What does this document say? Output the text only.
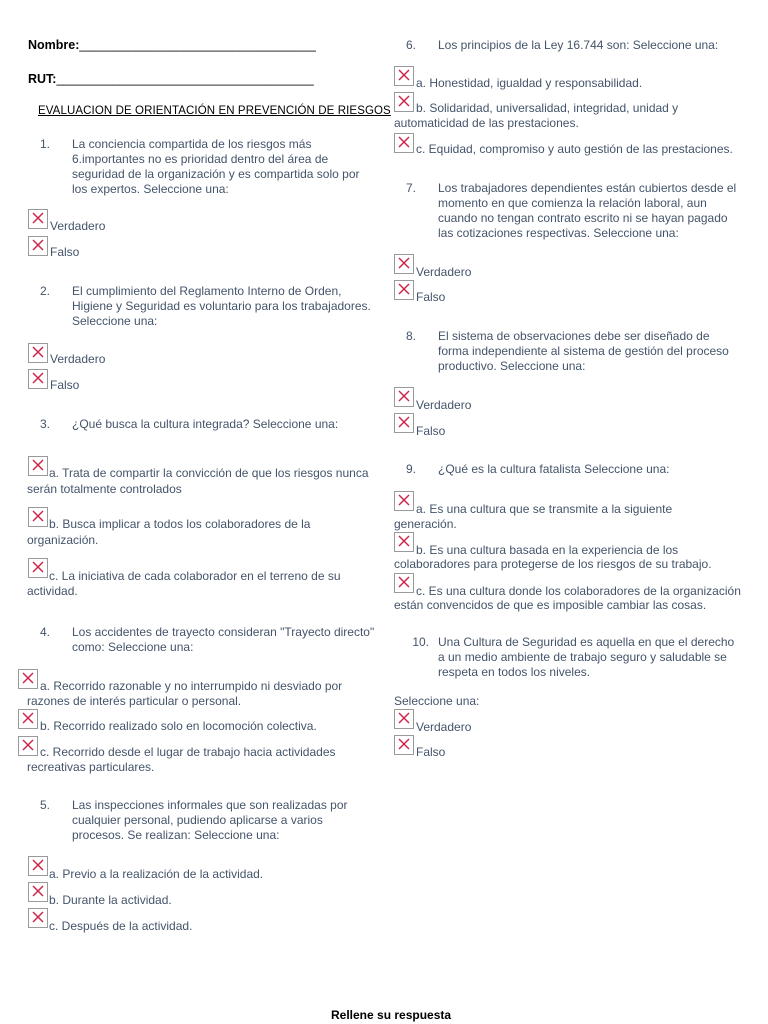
Nombre:__________________________________
RUT:_____________________________________
EVALUACION DE ORIENTACIÓN EN PREVENCIÓN DE RIESGOS
1. La conciencia compartida de los riesgos más
6.importantes no es prioridad dentro del área de
seguridad de la organización y es compartida solo por
los expertos. Seleccione una:
Verdadero
Falso
2. El cumplimiento del Reglamento Interno de Orden,
Higiene y Seguridad es voluntario para los trabajadores.
Seleccione una:
Verdadero
Falso
3. ¿Qué busca la cultura integrada? Seleccione una:
a. Trata de compartir la convicción de que los riesgos nunca
serán totalmente controlados
b. Busca implicar a todos los colaboradores de la
organización.
c. La iniciativa de cada colaborador en el terreno de su
actividad.
4. Los accidentes de trayecto consideran "Trayecto directo"
como: Seleccione una:
a. Recorrido razonable y no interrumpido ni desviado por
razones de interés particular o personal.
b. Recorrido realizado solo en locomoción colectiva.
c. Recorrido desde el lugar de trabajo hacia actividades
recreativas particulares.
5. Las inspecciones informales que son realizadas por
cualquier personal, pudiendo aplicarse a varios
procesos. Se realizan: Seleccione una:
a. Previo a la realización de la actividad.
b. Durante la actividad.
c. Después de la actividad.
6. Los principios de la Ley 16.744 son: Seleccione una:
a. Honestidad, igualdad y responsabilidad.
b. Solidaridad, universalidad, integridad, unidad y
automaticidad de las prestaciones.
c. Equidad, compromiso y auto gestión de las prestaciones.
7. Los trabajadores dependientes están cubiertos desde el
momento en que comienza la relación laboral, aun
cuando no tengan contrato escrito ni se hayan pagado
las cotizaciones respectivas. Seleccione una:
Verdadero
Falso
8. El sistema de observaciones debe ser diseñado de
forma independiente al sistema de gestión del proceso
productivo. Seleccione una:
Verdadero
Falso
9. ¿Qué es la cultura fatalista Seleccione una:
a. Es una cultura que se transmite a la siguiente
generación.
b. Es una cultura basada en la experiencia de los
colaboradores para protegerse de los riesgos de su trabajo.
c. Es una cultura donde los colaboradores de la organización
están convencidos de que es imposible cambiar las cosas.
10. Una Cultura de Seguridad es aquella en que el derecho
a un medio ambiente de trabajo seguro y saludable se
respeta en todos los niveles.
Seleccione una:
Verdadero
Falso
Rellene su respuesta
